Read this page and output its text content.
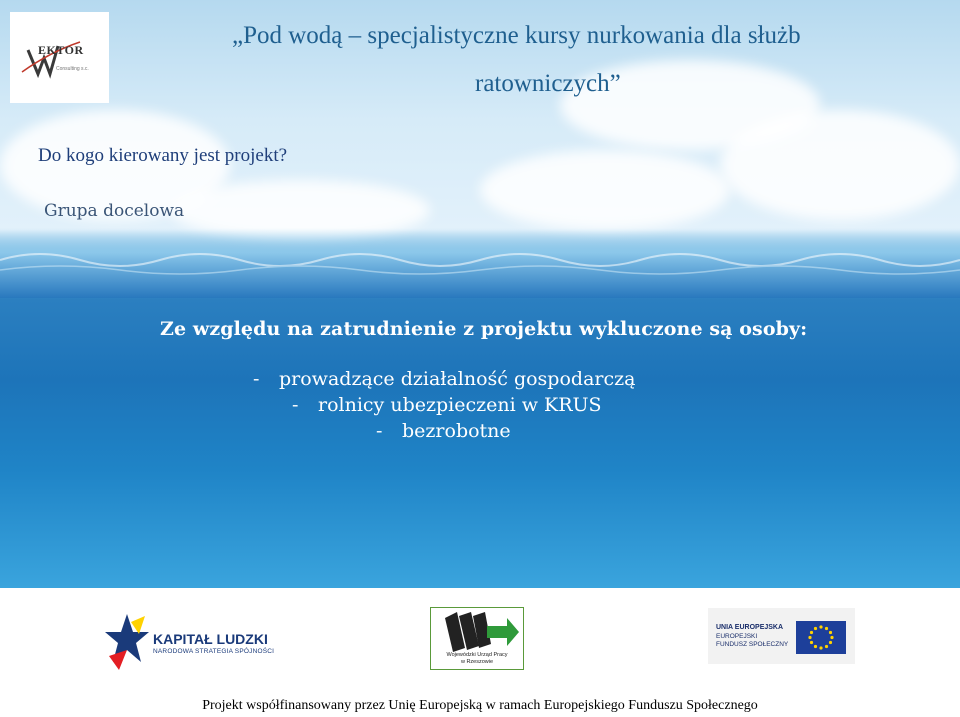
EKTOR
Consulting s.c.
„Pod wodą – specjalistyczne kursy nurkowania dla służb
ratowniczych”
Do kogo kierowany jest projekt?
Grupa docelowa
Ze względu na zatrudnienie z projektu wykluczone są osoby:
- prowadzące działalność gospodarczą
- rolnicy ubezpieczeni w KRUS
- bezrobotne
KAPITAŁ LUDZKI
NARODOWA STRATEGIA SPÓJNOŚCI	Wojewódzki Urząd Pracy
w Rzeszowie
UNIA EUROPEJSKA
EUROPEJSKI
FUNDUSZ SPOŁECZNY
Projekt współfinansowany przez Unię Europejską w ramach Europejskiego Funduszu Społecznego
